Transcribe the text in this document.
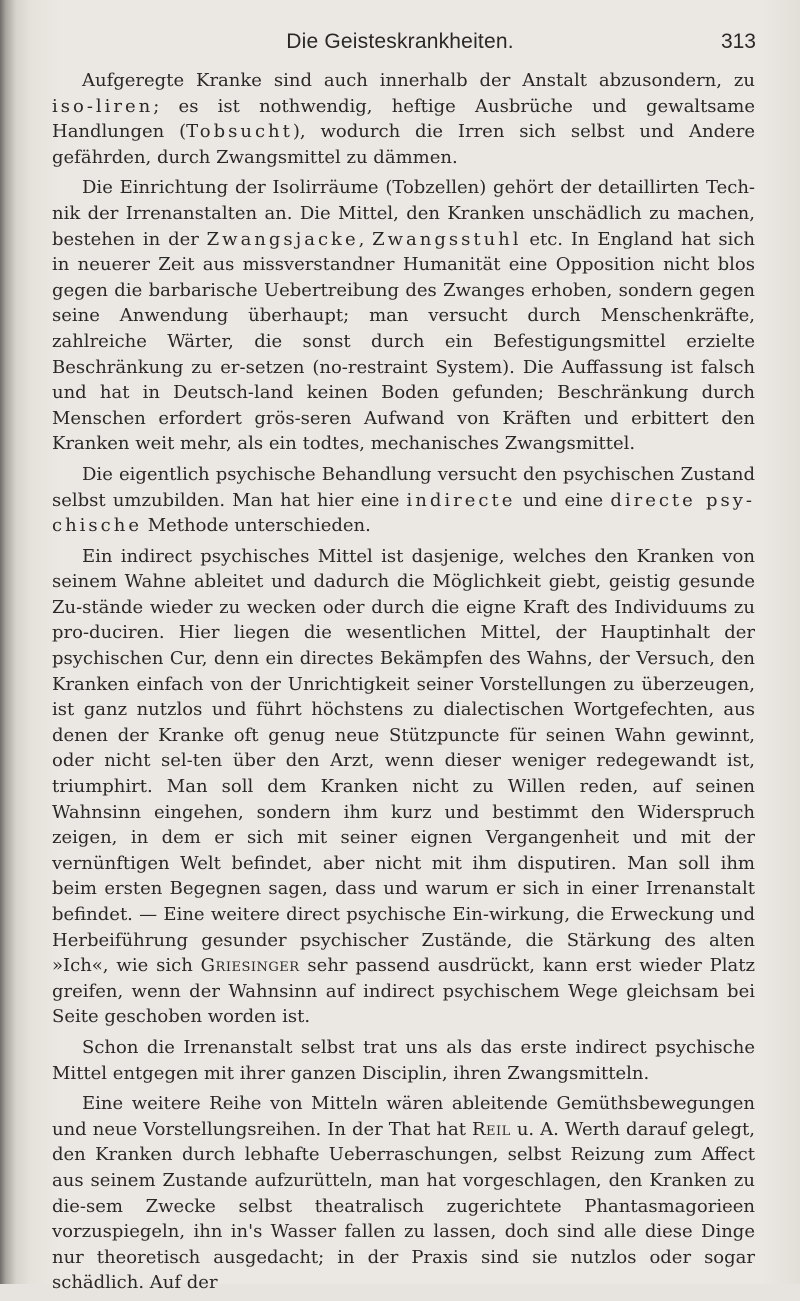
Die Geisteskrankheiten.	313

Aufgeregte Kranke sind auch innerhalb der Anstalt abzusondern, zu iso-liren; es ist nothwendig, heftige Ausbrüche und gewaltsame Handlungen (Tobsucht), wodurch die Irren sich selbst und Andere gefährden, durch Zwangsmittel zu dämmen.

Die Einrichtung der Isolirräume (Tobzellen) gehört der detaillirten Tech-nik der Irrenanstalten an. Die Mittel, den Kranken unschädlich zu machen, bestehen in der Zwangsjacke, Zwangsstuhl etc. In England hat sich in neuerer Zeit aus missverstandner Humanität eine Opposition nicht blos gegen die barbarische Uebertreibung des Zwanges erhoben, sondern gegen seine Anwendung überhaupt; man versucht durch Menschenkräfte, zahlreiche Wärter, die sonst durch ein Befestigungsmittel erzielte Beschränkung zu er-setzen (no-restraint System). Die Auffassung ist falsch und hat in Deutsch-land keinen Boden gefunden; Beschränkung durch Menschen erfordert grös-seren Aufwand von Kräften und erbittert den Kranken weit mehr, als ein todtes, mechanisches Zwangsmittel.

Die eigentlich psychische Behandlung versucht den psychischen Zustand selbst umzubilden. Man hat hier eine indirecte und eine directe psy-chische Methode unterschieden.

Ein indirect psychisches Mittel ist dasjenige, welches den Kranken von seinem Wahne ableitet und dadurch die Möglichkeit giebt, geistig gesunde Zu-stände wieder zu wecken oder durch die eigne Kraft des Individuums zu pro-duciren. Hier liegen die wesentlichen Mittel, der Hauptinhalt der psychischen Cur, denn ein directes Bekämpfen des Wahns, der Versuch, den Kranken einfach von der Unrichtigkeit seiner Vorstellungen zu überzeugen, ist ganz nutzlos und führt höchstens zu dialectischen Wortgefechten, aus denen der Kranke oft genug neue Stützpuncte für seinen Wahn gewinnt, oder nicht sel-ten über den Arzt, wenn dieser weniger redegewandt ist, triumphirt. Man soll dem Kranken nicht zu Willen reden, auf seinen Wahnsinn eingehen, sondern ihm kurz und bestimmt den Widerspruch zeigen, in dem er sich mit seiner eignen Vergangenheit und mit der vernünftigen Welt befindet, aber nicht mit ihm disputiren. Man soll ihm beim ersten Begegnen sagen, dass und warum er sich in einer Irrenanstalt befindet. — Eine weitere direct psychische Ein-wirkung, die Erweckung und Herbeiführung gesunder psychischer Zustände, die Stärkung des alten »Ich«, wie sich Griesinger sehr passend ausdrückt, kann erst wieder Platz greifen, wenn der Wahnsinn auf indirect psychischem Wege gleichsam bei Seite geschoben worden ist.

Schon die Irrenanstalt selbst trat uns als das erste indirect psychische Mittel entgegen mit ihrer ganzen Disciplin, ihren Zwangsmitteln.

Eine weitere Reihe von Mitteln wären ableitende Gemüthsbewegungen und neue Vorstellungsreihen. In der That hat Reil u. A. Werth darauf gelegt, den Kranken durch lebhafte Ueberraschungen, selbst Reizung zum Affect aus seinem Zustande aufzurütteln, man hat vorgeschlagen, den Kranken zu die-sem Zwecke selbst theatralisch zugerichtete Phantasmagorieen vorzuspiegeln, ihn in's Wasser fallen zu lassen, doch sind alle diese Dinge nur theoretisch ausgedacht; in der Praxis sind sie nutzlos oder sogar schädlich. Auf der
